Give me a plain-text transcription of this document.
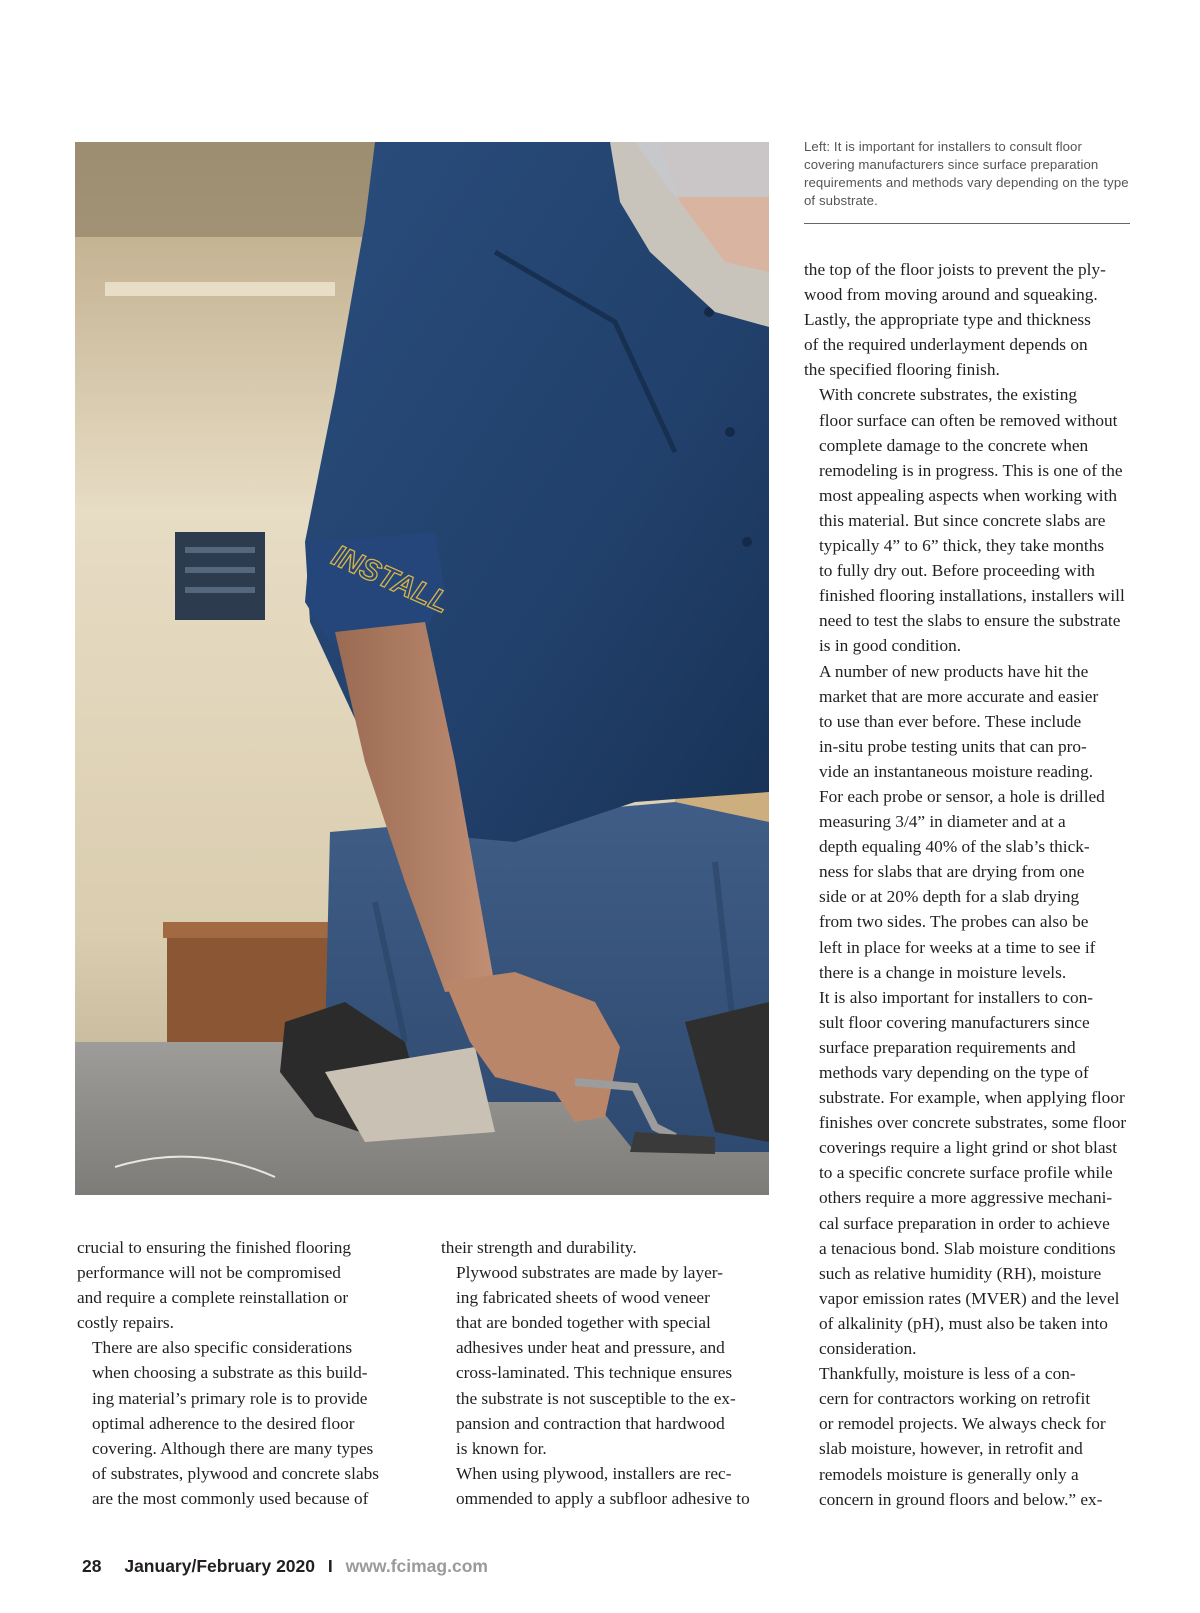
INSTALL
Left: It is important for installers to consult floor covering manufacturers since surface preparation requirements and methods vary depending on the type of substrate.

crucial to ensuring the finished flooring
performance will not be compromised
and require a complete reinstallation or
costly repairs.

There are also specific considerations
when choosing a substrate as this build-
ing material’s primary role is to provide
optimal adherence to the desired floor
covering. Although there are many types
of substrates, plywood and concrete slabs
are the most commonly used because of

their strength and durability.

Plywood substrates are made by layer-
ing fabricated sheets of wood veneer
that are bonded together with special
adhesives under heat and pressure, and
cross-laminated. This technique ensures
the substrate is not susceptible to the ex-
pansion and contraction that hardwood
is known for.

When using plywood, installers are rec-
ommended to apply a subfloor adhesive to

the top of the floor joists to prevent the ply-
wood from moving around and squeaking.
Lastly, the appropriate type and thickness
of the required underlayment depends on
the specified flooring finish.

With concrete substrates, the existing
floor surface can often be removed without
complete damage to the concrete when
remodeling is in progress. This is one of the
most appealing aspects when working with
this material. But since concrete slabs are
typically 4” to 6” thick, they take months
to fully dry out. Before proceeding with
finished flooring installations, installers will
need to test the slabs to ensure the substrate
is in good condition.

A number of new products have hit the
market that are more accurate and easier
to use than ever before. These include
in-situ probe testing units that can pro-
vide an instantaneous moisture reading.
For each probe or sensor, a hole is drilled
measuring 3/4” in diameter and at a
depth equaling 40% of the slab’s thick-
ness for slabs that are drying from one
side or at 20% depth for a slab drying
from two sides. The probes can also be
left in place for weeks at a time to see if
there is a change in moisture levels.

It is also important for installers to con-
sult floor covering manufacturers since
surface preparation requirements and
methods vary depending on the type of
substrate. For example, when applying floor
finishes over concrete substrates, some floor
coverings require a light grind or shot blast
to a specific concrete surface profile while
others require a more aggressive mechani-
cal surface preparation in order to achieve
a tenacious bond. Slab moisture conditions
such as relative humidity (RH), moisture
vapor emission rates (MVER) and the level
of alkalinity (pH), must also be taken into
consideration.

Thankfully, moisture is less of a con-
cern for contractors working on retrofit
or remodel projects. We always check for
slab moisture, however, in retrofit and
remodels moisture is generally only a
concern in ground floors and below.” ex-

28 January/February 2020 I www.fcimag.com
